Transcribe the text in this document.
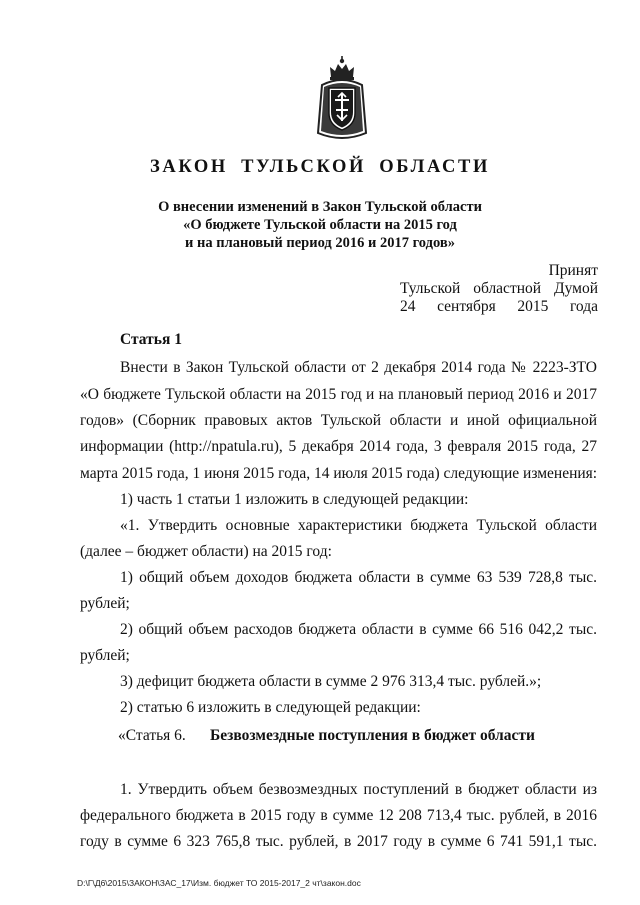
ЗАКОН ТУЛЬСКОЙ ОБЛАСТИ
О внесении изменений в Закон Тульской области
«О бюджете Тульской области на 2015 год
и на плановый период 2016 и 2017 годов»
Принят
Тульской областной Думой
24 сентября 2015 года
Статья 1
Внести в Закон Тульской области от 2 декабря 2014 года № 2223-ЗТО
«О бюджете Тульской области на 2015 год и на плановый период 2016 и 2017
годов» (Сборник правовых актов Тульской области и иной официальной
информации (http://npatula.ru), 5 декабря 2014 года, 3 февраля 2015 года, 27
марта 2015 года, 1 июня 2015 года, 14 июля 2015 года) следующие изменения:
1) часть 1 статьи 1 изложить в следующей редакции:
«1. Утвердить основные характеристики бюджета Тульской области
(далее – бюджет области) на 2015 год:
1) общий объем доходов бюджета области в сумме 63 539 728,8 тыс.
рублей;
2) общий объем расходов бюджета области в сумме 66 516 042,2 тыс.
рублей;
3) дефицит бюджета области в сумме 2 976 313,4 тыс. рублей.»;
2) статью 6 изложить в следующей редакции:
«Статья 6. Безвозмездные поступления в бюджет области
1. Утвердить объем безвозмездных поступлений в бюджет области из
федерального бюджета в 2015 году в сумме 12 208 713,4 тыс. рублей, в 2016
году в сумме 6 323 765,8 тыс. рублей, в 2017 году в сумме 6 741 591,1 тыс.
D:\Г\Д6\2015\ЗАКОН\ЗАС_17\Изм. бюджет ТО 2015-2017_2 чт\закон.doc
